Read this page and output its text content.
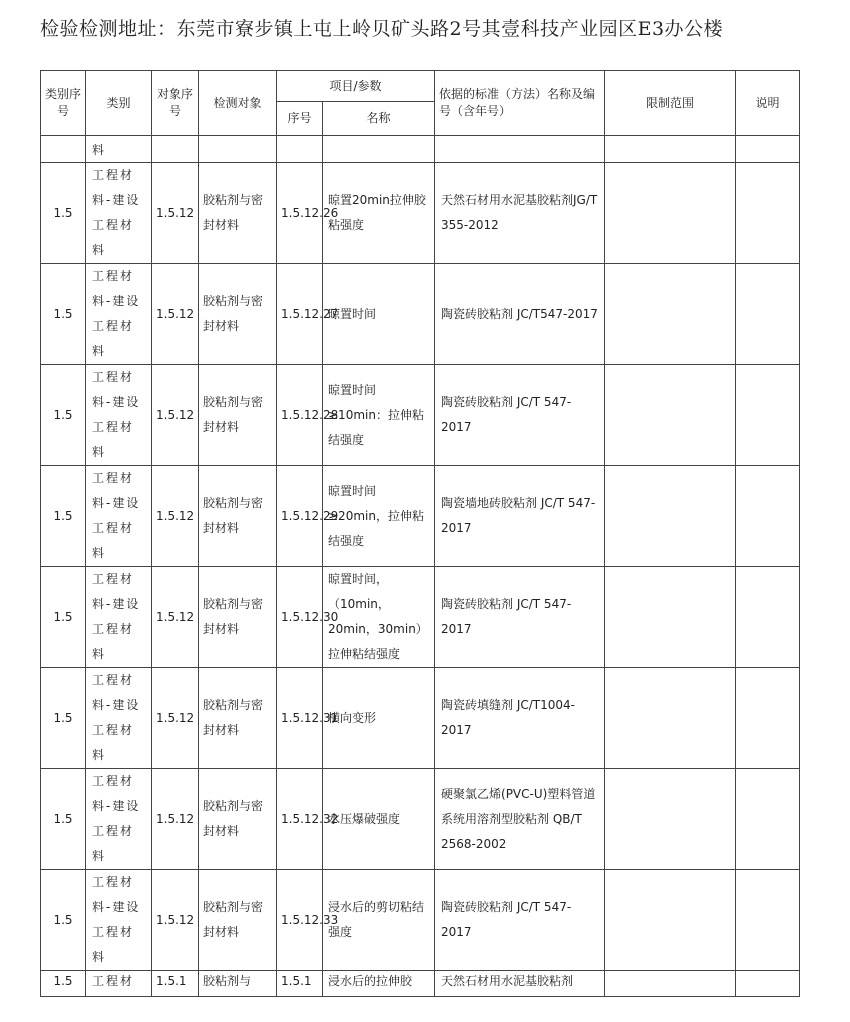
检验检测地址：东莞市寮步镇上屯上岭贝矿头路2号其壹科技产业园区E3办公楼
类别序号	类别	对象序号	检测对象	项目/参数		依据的标准（方法）名称及编号（含年号）	限制范围	说明
				序号	名称			
	料							
1.5	工程材料-建设工程材料	1.5.12	胶粘剂与密封材料	1.5.12.26	晾置20min拉伸胶粘强度	天然石材用水泥基胶粘剂JG/T 355-2012		
1.5	工程材料-建设工程材料	1.5.12	胶粘剂与密封材料	1.5.12.27	晾置时间	陶瓷砖胶粘剂 JC/T547-2017		
1.5	工程材料-建设工程材料	1.5.12	胶粘剂与密封材料	1.5.12.28	晾置时间≥10min：拉伸粘结强度	陶瓷砖胶粘剂 JC/T 547-2017		
1.5	工程材料-建设工程材料	1.5.12	胶粘剂与密封材料	1.5.12.29	晾置时间≥20min，拉伸粘结强度	陶瓷墙地砖胶粘剂 JC/T 547-2017		
1.5	工程材料-建设工程材料	1.5.12	胶粘剂与密封材料	1.5.12.30	晾置时间，（10min，20min，30min）拉伸粘结强度	陶瓷砖胶粘剂 JC/T 547-2017		
1.5	工程材料-建设工程材料	1.5.12	胶粘剂与密封材料	1.5.12.31	横向变形	陶瓷砖填缝剂 JC/T1004-2017		
1.5	工程材料-建设工程材料	1.5.12	胶粘剂与密封材料	1.5.12.32	水压爆破强度	硬聚氯乙烯(PVC-U)塑料管道系统用溶剂型胶粘剂 QB/T 2568-2002		
1.5	工程材料-建设工程材料	1.5.12	胶粘剂与密封材料	1.5.12.33	浸水后的剪切粘结强度	陶瓷砖胶粘剂 JC/T 547-2017		
1.5	工程材	1.5.1	胶粘剂与	1.5.1	浸水后的拉伸胶	天然石材用水泥基胶粘剂		
